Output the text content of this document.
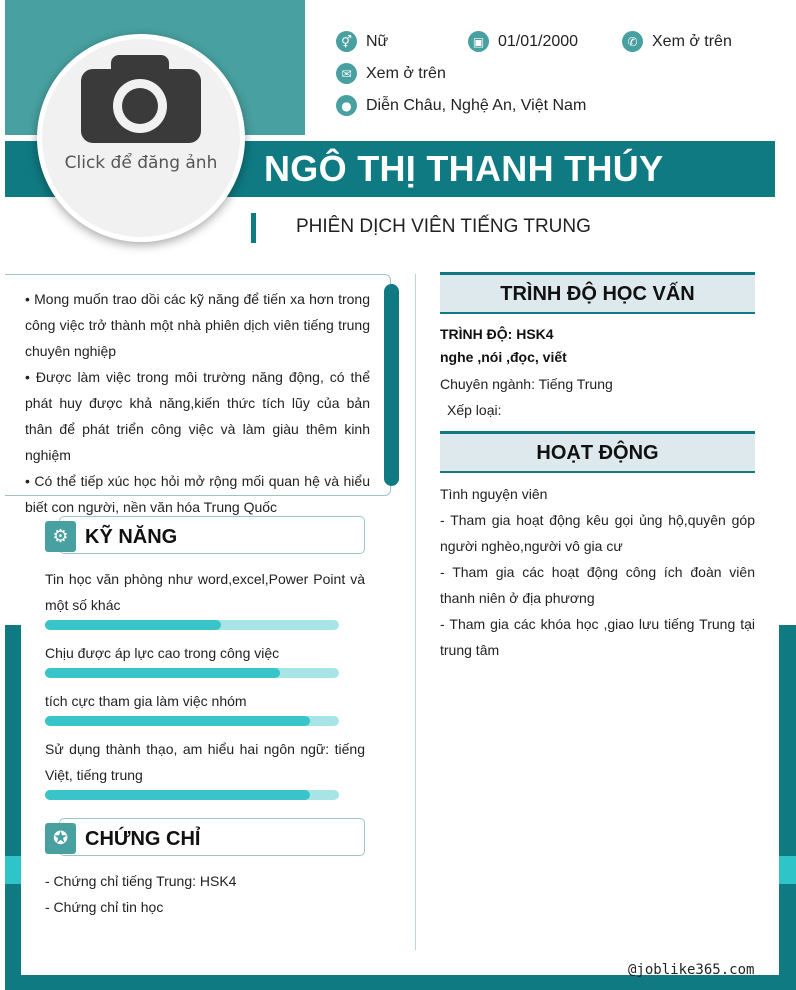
Click để đăng ảnh
⚥ Nữ	▣ 01/01/2000	✆ Xem ở trên
✉ Xem ở trên
● Diễn Châu, Nghệ An, Việt Nam
NGÔ THỊ THANH THÚY
PHIÊN DỊCH VIÊN TIẾNG TRUNG

• Mong muốn trao dồi các kỹ năng để tiến xa hơn trong công việc trở thành một nhà phiên dịch viên tiếng trung chuyên nghiệp

• Được làm việc trong môi trường năng động, có thể phát huy được khả năng,kiến thức tích lũy của bản thân để phát triển công việc và làm giàu thêm kinh nghiệm

• Có thể tiếp xúc học hỏi mở rộng mối quan hệ và hiểu biết con người, nền văn hóa Trung Quốc

⚙ KỸ NĂNG
Tin học văn phòng như word,excel,Power Point và một số khác
Chịu được áp lực cao trong công việc
tích cực tham gia làm việc nhóm
Sử dụng thành thạo, am hiểu hai ngôn ngữ: tiếng Việt, tiếng trung
✪ CHỨNG CHỈ

- Chứng chỉ tiếng Trung: HSK4

- Chứng chỉ tin học

TRÌNH ĐỘ HỌC VẤN
TRÌNH ĐỘ: HSK4
nghe ,nói ,đọc, viết
Chuyên ngành: Tiếng Trung
Xếp loại:
HOẠT ĐỘNG

Tình nguyện viên

- Tham gia hoạt động kêu gọi ủng hộ,quyên góp người nghèo,người vô gia cư

- Tham gia các hoạt động công ích đoàn viên thanh niên ở địa phương

- Tham gia các khóa học ,giao lưu tiếng Trung tại trung tâm

@joblike365.com
